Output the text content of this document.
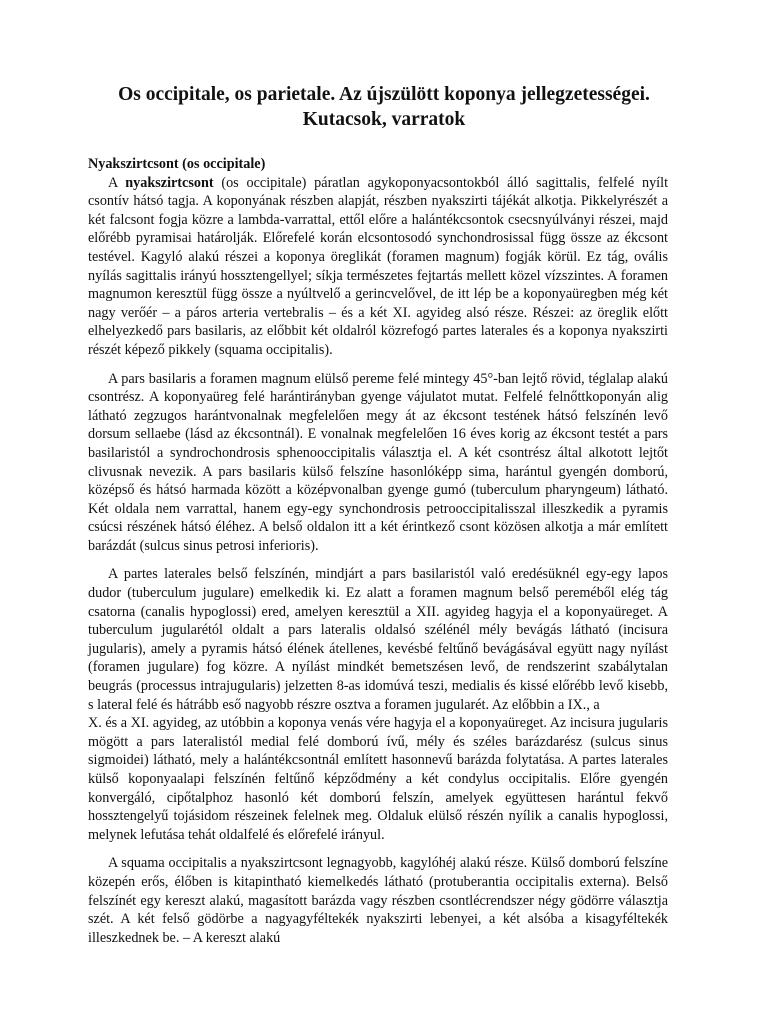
Os occipitale, os parietale. Az újszülött koponya jellegzetességei.
Kutacsok, varratok

Nyakszirtcsont (os occipitale)

A nyakszirtcsont (os occipitale) páratlan agykoponyacsontokból álló sagittalis, felfelé nyílt csontív hátsó tagja. A koponyának részben alapját, részben nyakszirti tájékát alkotja. Pikkelyrészét a két falcsont fogja közre a lambda-varrattal, ettől előre a halántékcsontok csecsnyúlványi részei, majd előrébb pyramisai határolják. Előrefelé korán elcsontosodó synchondrosissal függ össze az ékcsont testével. Kagyló alakú részei a koponya öreglikát (foramen magnum) fogják körül. Ez tág, ovális nyílás sagittalis irányú hossztengellyel; síkja természetes fejtartás mellett közel vízszintes. A foramen magnumon keresztül függ össze a nyúltvelő a gerincvelővel, de itt lép be a koponyaüregben még két nagy verőér – a páros arteria vertebralis – és a két XI. agyideg alsó része. Részei: az öreglik előtt elhelyezkedő pars basilaris, az előbbit két oldalról közrefogó partes laterales és a koponya nyakszirti részét képező pikkely (squama occipitalis).

A pars basilaris a foramen magnum elülső pereme felé mintegy 45°-ban lejtő rövid, téglalap alakú csontrész. A koponyaüreg felé harántirányban gyenge vájulatot mutat. Felfelé felnőttkoponyán alig látható zegzugos harántvonalnak megfelelően megy át az ékcsont testének hátsó felszínén levő dorsum sellaebe (lásd az ékcsontnál). E vonalnak megfelelően 16 éves korig az ékcsont testét a pars basilaristól a syndrochondrosis sphenooccipitalis választja el. A két csontrész által alkotott lejtőt clivusnak nevezik. A pars basilaris külső felszíne hasonlóképp sima, harántul gyengén domború, középső és hátsó harmada között a középvonalban gyenge gumó (tuberculum pharyngeum) látható. Két oldala nem varrattal, hanem egy-egy synchondrosis petrooccipitalisszal illeszkedik a pyramis csúcsi részének hátsó éléhez. A belső oldalon itt a két érintkező csont közösen alkotja a már említett barázdát (sulcus sinus petrosi inferioris).

A partes laterales belső felszínén, mindjárt a pars basilaristól való eredésüknél egy-egy lapos dudor (tuberculum jugulare) emelkedik ki. Ez alatt a foramen magnum belső pereméből elég tág csatorna (canalis hypoglossi) ered, amelyen keresztül a XII. agyideg hagyja el a koponyaüreget. A tuberculum jugularétól oldalt a pars lateralis oldalsó szélénél mély bevágás látható (incisura jugularis), amely a pyramis hátsó élének átellenes, kevésbé feltűnő bevágásával együtt nagy nyílást (foramen jugulare) fog közre. A nyílást mindkét bemetszésen levő, de rendszerint szabálytalan beugrás (processus intrajugularis) jelzetten 8-as idomúvá teszi, medialis és kissé előrébb levő kisebb, s lateral felé és hátrább eső nagyobb részre osztva a foramen jugularét. Az előbbin a IX., a

X. és a XI. agyideg, az utóbbin a koponya venás vére hagyja el a koponyaüreget. Az incisura jugularis mögött a pars lateralistól medial felé domború ívű, mély és széles barázdarész (sulcus sinus sigmoidei) látható, mely a halántékcsontnál említett hasonnevű barázda folytatása. A partes laterales külső koponyaalapi felszínén feltűnő képződmény a két condylus occipitalis. Előre gyengén konvergáló, cipőtalphoz hasonló két domború felszín, amelyek együttesen harántul fekvő hossztengelyű tojásidom részeinek felelnek meg. Oldaluk elülső részén nyílik a canalis hypoglossi, melynek lefutása tehát oldalfelé és előrefelé irányul.

A squama occipitalis a nyakszirtcsont legnagyobb, kagylóhéj alakú része. Külső domború felszíne közepén erős, élőben is kitapintható kiemelkedés látható (protuberantia occipitalis externa). Belső felszínét egy kereszt alakú, magasított barázda vagy részben csontlécrendszer négy gödörre választja szét. A két felső gödörbe a nagyagyféltekék nyakszirti lebenyei, a két alsóba a kisagyféltekék illeszkednek be. – A kereszt alakú
